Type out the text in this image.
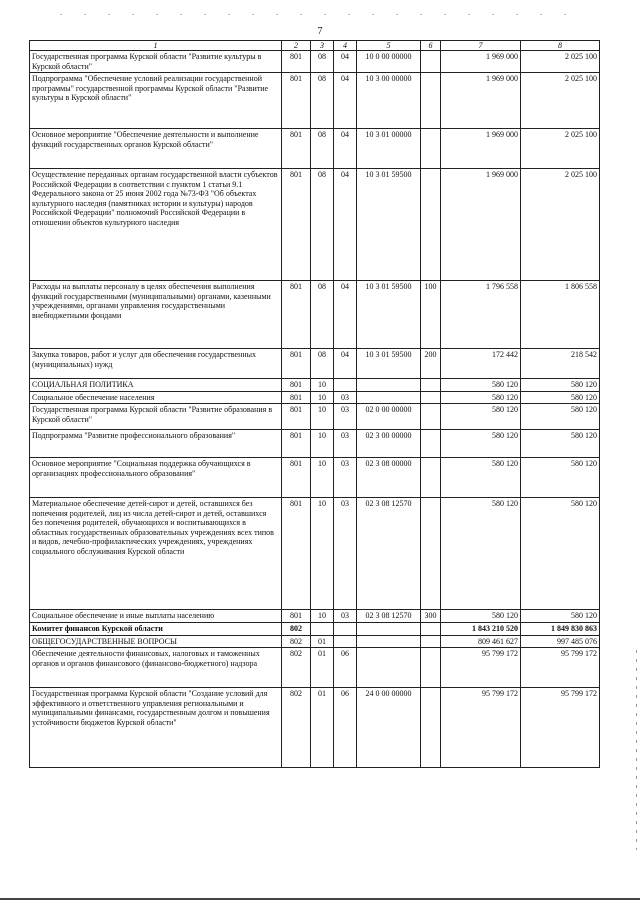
7
1	2	3	4	5	6	7	8
Государственная программа Курской области "Развитие культуры в Курской области"	801	08	04	10 0 00 00000		1 969 000	2 025 100
Подпрограмма "Обеспечение условий реализации государственной программы" государственной программы Курской области "Развитие культуры в Курской области"	801	08	04	10 3 00 00000		1 969 000	2 025 100
Основное мероприятие "Обеспечение деятельности и выполнение функций государственных органов Курской области"	801	08	04	10 3 01 00000		1 969 000	2 025 100
Осуществление переданных органам государственной власти субъектов Российской Федерации в соответствии с пунктом 1 статьи 9.1 Федерального закона от 25 июня 2002 года №73-ФЗ "Об объектах культурного наследия (памятниках истории и культуры) народов Российской Федерации" полномочий Российской Федерации в отношении объектов культурного наследия	801	08	04	10 3 01 59500		1 969 000	2 025 100
Расходы на выплаты персоналу в целях обеспечения выполнения функций государственными (муниципальными) органами, казенными учреждениями, органами управления государственными внебюджетными фондами	801	08	04	10 3 01 59500	100	1 796 558	1 806 558
Закупка товаров, работ и услуг для обеспечения государственных (муниципальных) нужд	801	08	04	10 3 01 59500	200	172 442	218 542
СОЦИАЛЬНАЯ ПОЛИТИКА	801	10				580 120	580 120
Социальное обеспечение населения	801	10	03			580 120	580 120
Государственная программа Курской области "Развитие образования в Курской области"	801	10	03	02 0 00 00000		580 120	580 120
Подпрограмма "Развитие профессионального образования"	801	10	03	02 3 00 00000		580 120	580 120
Основное мероприятие "Социальная поддержка обучающихся в организациях профессионального образования"	801	10	03	02 3 08 00000		580 120	580 120
Материальное обеспечение детей-сирот и детей, оставшихся без попечения родителей, лиц из числа детей-сирот и детей, оставшихся без попечения родителей, обучающихся и воспитывающихся в областных государственных образовательных учреждениях всех типов и видов, лечебно-профилактических учреждениях, учреждениях социального обслуживания Курской области	801	10	03	02 3 08 12570		580 120	580 120
Социальное обеспечение и иные выплаты населению	801	10	03	02 3 08 12570	300	580 120	580 120
Комитет финансов Курской области	802					1 843 210 520	1 849 830 863
ОБЩЕГОСУДАРСТВЕННЫЕ ВОПРОСЫ	802	01				809 461 627	997 485 076
Обеспечение деятельности финансовых, налоговых и таможенных органов и органов финансового (финансово-бюджетного) надзора	802	01	06			95 799 172	95 799 172
Государственная программа Курской области "Создание условий для эффективного и ответственного управления региональными и муниципальными финансами, государственным долгом и повышения устойчивости бюджетов Курской области"	802	01	06	24 0 00 00000		95 799 172	95 799 172
